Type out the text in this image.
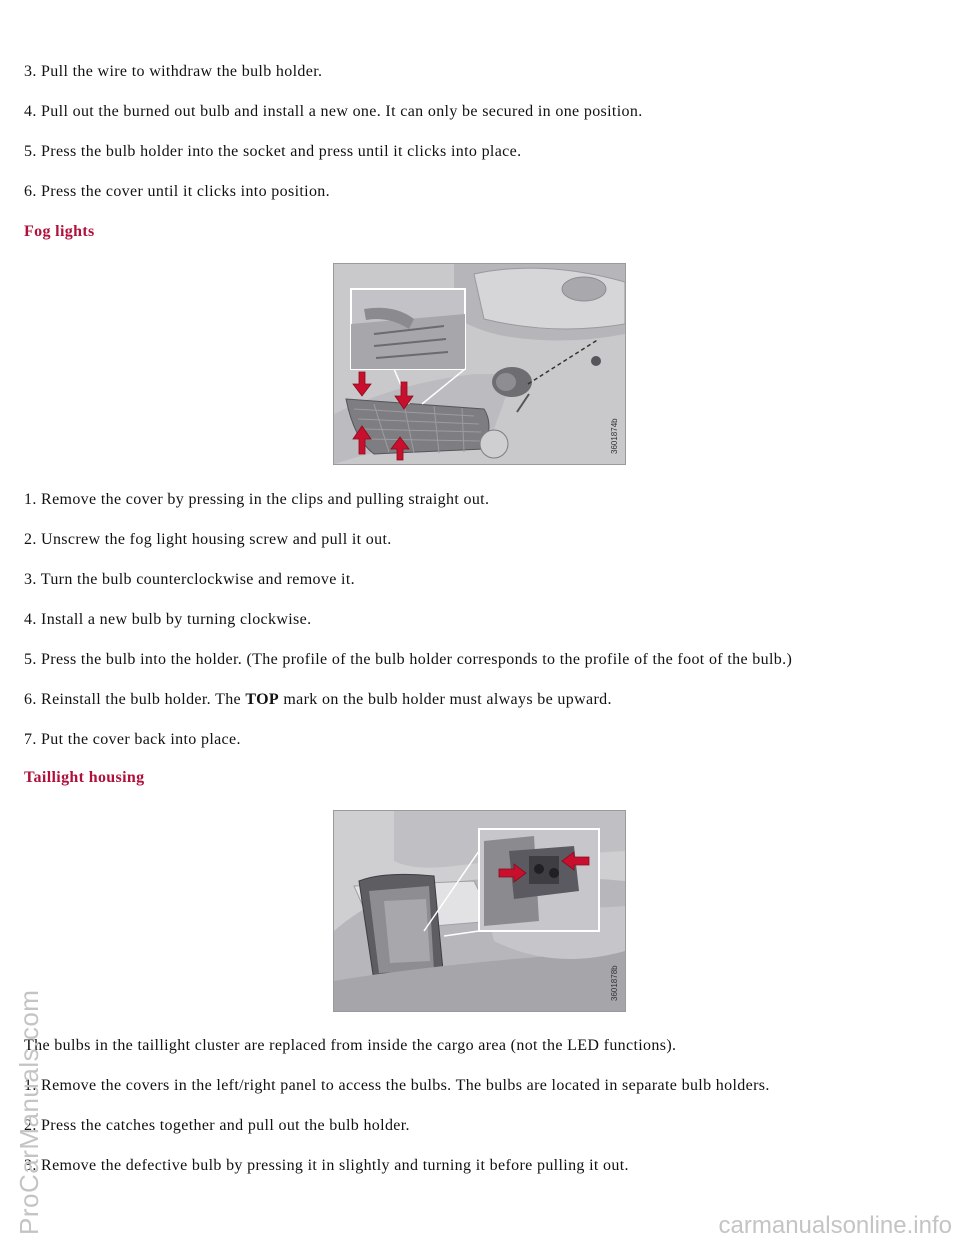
3. Pull the wire to withdraw the bulb holder.
4. Pull out the burned out bulb and install a new one. It can only be secured in one position.
5. Press the bulb holder into the socket and press until it clicks into place.
6. Press the cover until it clicks into position.
Fog lights
3601874b
1. Remove the cover by pressing in the clips and pulling straight out.
2. Unscrew the fog light housing screw and pull it out.
3. Turn the bulb counterclockwise and remove it.
4. Install a new bulb by turning clockwise.
5. Press the bulb into the holder. (The profile of the bulb holder corresponds to the profile of the foot of the bulb.)
6. Reinstall the bulb holder. The TOP mark on the bulb holder must always be upward.
7. Put the cover back into place.
Taillight housing
3601878b
The bulbs in the taillight cluster are replaced from inside the cargo area (not the LED functions).
1. Remove the covers in the left/right panel to access the bulbs. The bulbs are located in separate bulb holders.
2. Press the catches together and pull out the bulb holder.
3. Remove the defective bulb by pressing it in slightly and turning it before pulling it out.
ProCarManuals.com	carmanualsonline.info
